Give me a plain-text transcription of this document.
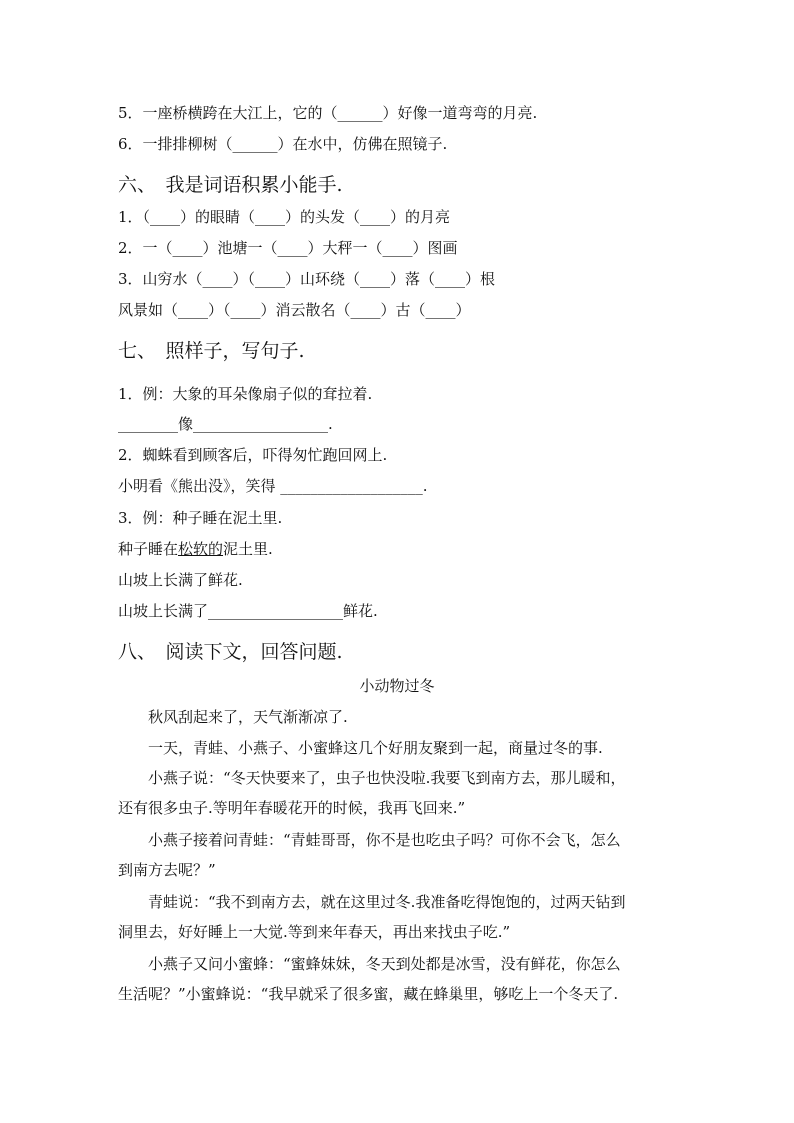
5．一座桥横跨在大江上，它的（______）好像一道弯弯的月亮.
6．一排排柳树（______）在水中，仿佛在照镜子.
六、　我是词语积累小能手.
1．（____）的眼睛（____）的头发（____）的月亮
2．一（____）池塘一（____）大秤一（____）图画
3．山穷水（____）（____）山环绕（____）落（____）根
风景如（____）（____）消云散名（____）古（____）
七、　照样子，写句子.
1．例：大象的耳朵像扇子似的耷拉着.
________像__________________.
2．蜘蛛看到顾客后，吓得匆忙跑回网上.
小明看《熊出没》，笑得 ___________________.
3．例：种子睡在泥土里.
种子睡在松软的泥土里.
山坡上长满了鲜花.
山坡上长满了__________________鲜花.
八、　阅读下文，回答问题.
小动物过冬
秋风刮起来了，天气渐渐凉了.
一天，青蛙、小燕子、小蜜蜂这几个好朋友聚到一起，商量过冬的事.
小燕子说：“冬天快要来了，虫子也快没啦.我要飞到南方去，那儿暖和，
还有很多虫子.等明年春暖花开的时候，我再飞回来.”
小燕子接着问青蛙：“青蛙哥哥，你不是也吃虫子吗？可你不会飞，怎么
到南方去呢？”
青蛙说：“我不到南方去，就在这里过冬.我准备吃得饱饱的，过两天钻到
洞里去，好好睡上一大觉.等到来年春天，再出来找虫子吃.”
小燕子又问小蜜蜂：“蜜蜂妹妹，冬天到处都是冰雪，没有鲜花，你怎么
生活呢？”小蜜蜂说：“我早就采了很多蜜，藏在蜂巢里，够吃上一个冬天了.
